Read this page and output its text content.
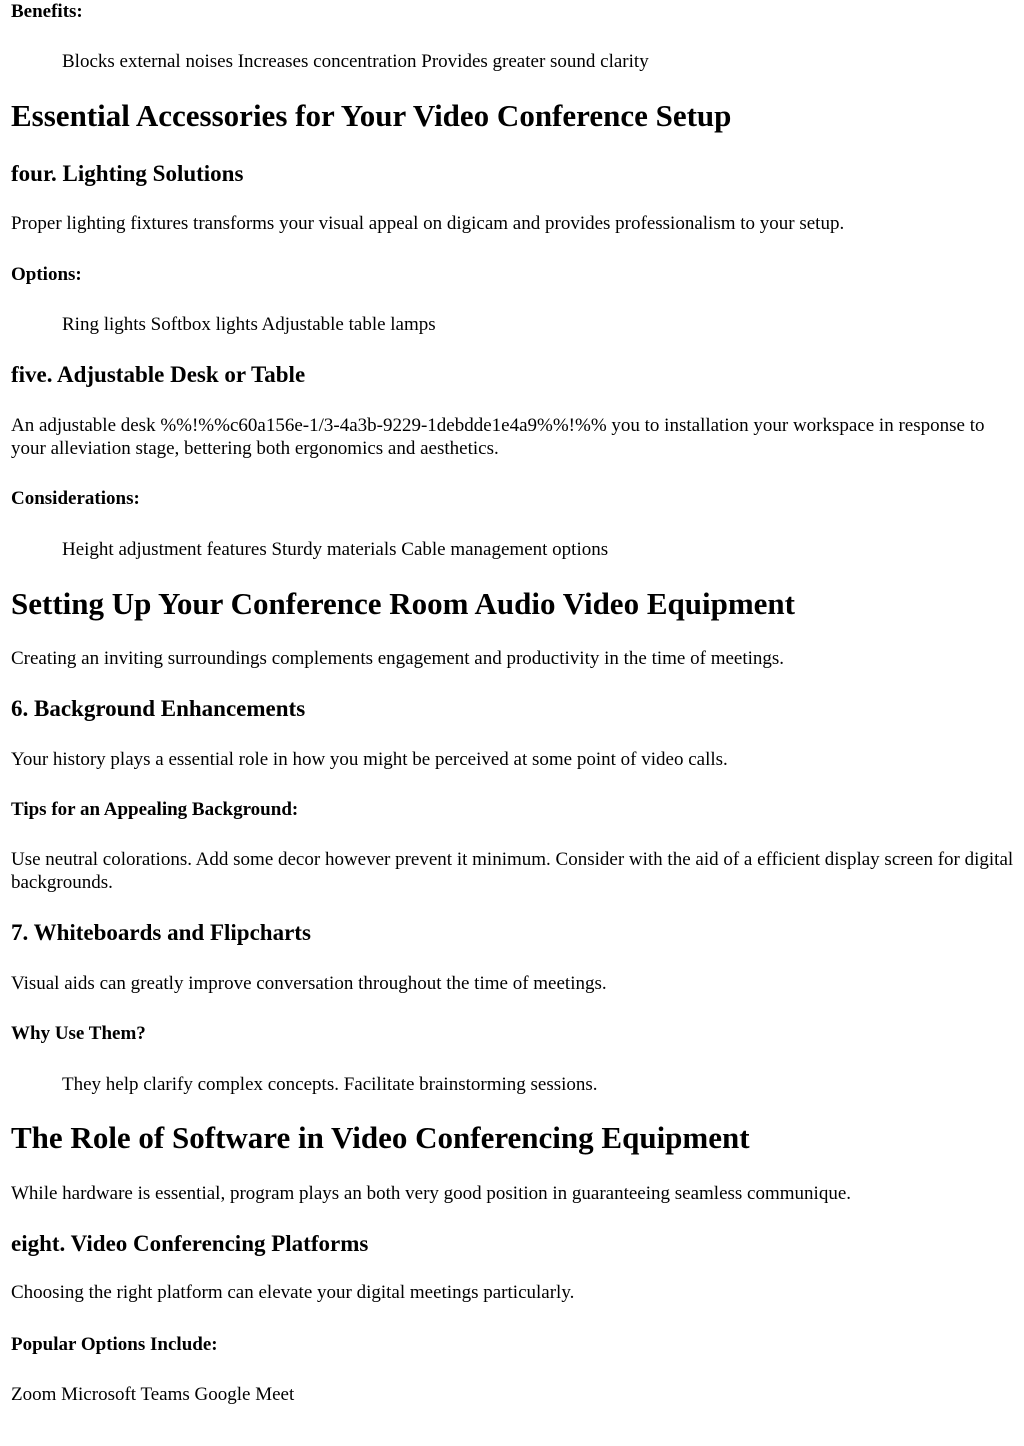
Benefits:

Blocks external noises Increases concentration Provides greater sound clarity

Essential Accessories for Your Video Conference Setup
four. Lighting Solutions

Proper lighting fixtures transforms your visual appeal on digicam and provides professionalism to your setup.

Options:

Ring lights Softbox lights Adjustable table lamps

five. Adjustable Desk or Table

An adjustable desk %%!%%c60a156e-1/3-4a3b-9229-1debdde1e4a9%%!%% you to installation your workspace in response to your alleviation stage, bettering both ergonomics and aesthetics.

Considerations:

Height adjustment features Sturdy materials Cable management options

Setting Up Your Conference Room Audio Video Equipment

Creating an inviting surroundings complements engagement and productivity in the time of meetings.

6. Background Enhancements

Your history plays a essential role in how you might be perceived at some point of video calls.

Tips for an Appealing Background:

Use neutral colorations. Add some decor however prevent it minimum. Consider with the aid of a efficient display screen for digital backgrounds.

7. Whiteboards and Flipcharts

Visual aids can greatly improve conversation throughout the time of meetings.

Why Use Them?

They help clarify complex concepts. Facilitate brainstorming sessions.

The Role of Software in Video Conferencing Equipment

While hardware is essential, program plays an both very good position in guaranteeing seamless communique.

eight. Video Conferencing Platforms

Choosing the right platform can elevate your digital meetings particularly.

Popular Options Include:

Zoom Microsoft Teams Google Meet
